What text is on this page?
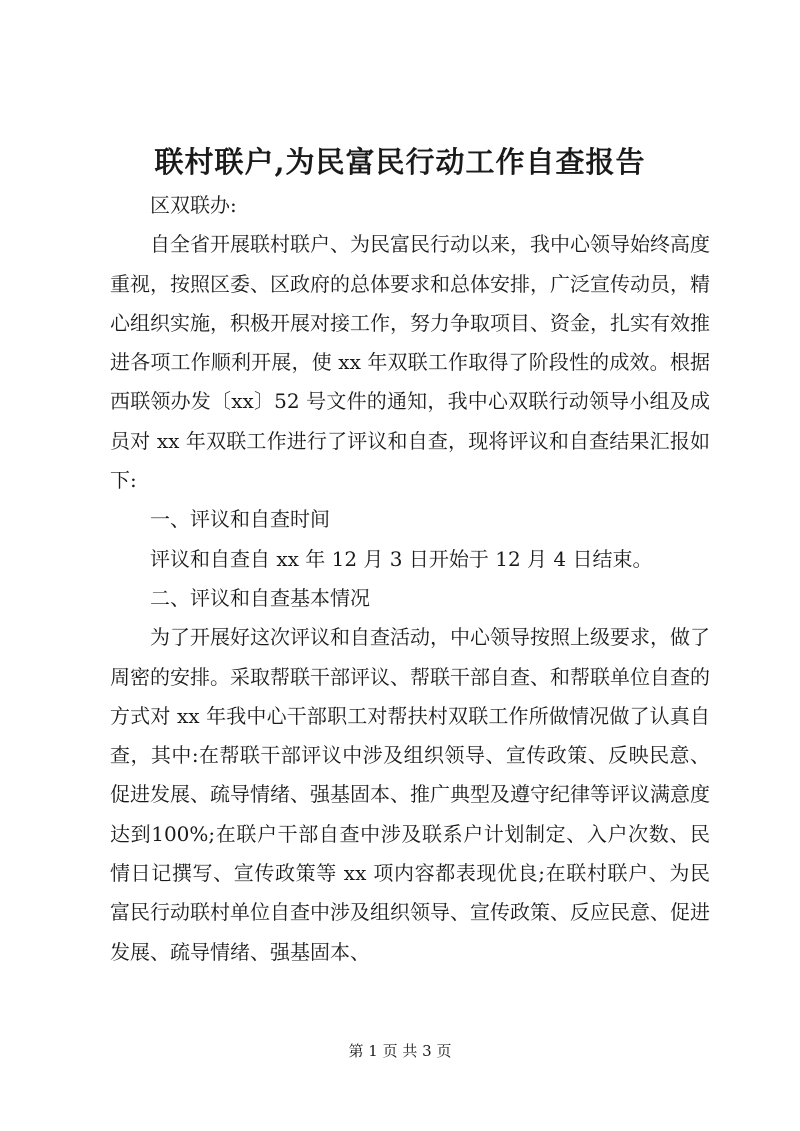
联村联户,为民富民行动工作自查报告

区双联办:

自全省开展联村联户、为民富民行动以来，我中心领导始终高度重视，按照区委、区政府的总体要求和总体安排，广泛宣传动员，精心组织实施，积极开展对接工作，努力争取项目、资金，扎实有效推进各项工作顺利开展，使 xx 年双联工作取得了阶段性的成效。根据西联领办发〔xx〕52 号文件的通知，我中心双联行动领导小组及成员对 xx 年双联工作进行了评议和自查，现将评议和自查结果汇报如下:

一、评议和自查时间

评议和自查自 xx 年 12 月 3 日开始于 12 月 4 日结束。

二、评议和自查基本情况

为了开展好这次评议和自查活动，中心领导按照上级要求，做了周密的安排。采取帮联干部评议、帮联干部自查、和帮联单位自查的方式对 xx 年我中心干部职工对帮扶村双联工作所做情况做了认真自查，其中:在帮联干部评议中涉及组织领导、宣传政策、反映民意、促进发展、疏导情绪、强基固本、推广典型及遵守纪律等评议满意度达到100%;在联户干部自查中涉及联系户计划制定、入户次数、民情日记撰写、宣传政策等 xx 项内容都表现优良;在联村联户、为民富民行动联村单位自查中涉及组织领导、宣传政策、反应民意、促进发展、疏导情绪、强基固本、

第 1 页 共 3 页
